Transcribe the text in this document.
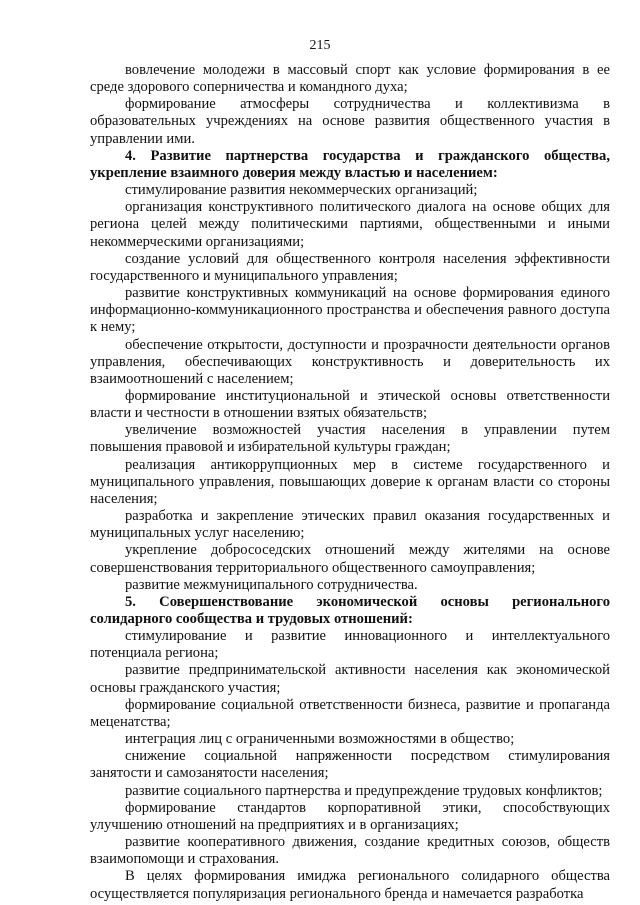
215

вовлечение молодежи в массовый спорт как условие формирования в ее среде здорового соперничества и командного духа;

формирование атмосферы сотрудничества и коллективизма в образовательных учреждениях на основе развития общественного участия в управлении ими.

4. Развитие партнерства государства и гражданского общества, укрепление взаимного доверия между властью и населением:

стимулирование развития некоммерческих организаций;

организация конструктивного политического диалога на основе общих для региона целей между политическими партиями, общественными и иными некоммерческими организациями;

создание условий для общественного контроля населения эффективности государственного и муниципального управления;

развитие конструктивных коммуникаций на основе формирования единого информационно-коммуникационного пространства и обеспечения равного доступа к нему;

обеспечение открытости, доступности и прозрачности деятельности органов управления, обеспечивающих конструктивность и доверительность их взаимоотношений с населением;

формирование институциональной и этической основы ответственности власти и честности в отношении взятых обязательств;

увеличение возможностей участия населения в управлении путем повышения правовой и избирательной культуры граждан;

реализация антикоррупционных мер в системе государственного и муниципального управления, повышающих доверие к органам власти со стороны населения;

разработка и закрепление этических правил оказания государственных и муниципальных услуг населению;

укрепление добрососедских отношений между жителями на основе совершенствования территориального общественного самоуправления;

развитие межмуниципального сотрудничества.

5. Совершенствование экономической основы регионального солидарного сообщества и трудовых отношений:

стимулирование и развитие инновационного и интеллектуального потенциала региона;

развитие предпринимательской активности населения как экономической основы гражданского участия;

формирование социальной ответственности бизнеса, развитие и пропаганда меценатства;

интеграция лиц с ограниченными возможностями в общество;

снижение социальной напряженности посредством стимулирования занятости и самозанятости населения;

развитие социального партнерства и предупреждение трудовых конфликтов;

формирование стандартов корпоративной этики, способствующих улучшению отношений на предприятиях и в организациях;

развитие кооперативного движения, создание кредитных союзов, обществ взаимопомощи и страхования.

В целях формирования имиджа регионального солидарного общества осуществляется популяризация регионального бренда и намечается разработка
